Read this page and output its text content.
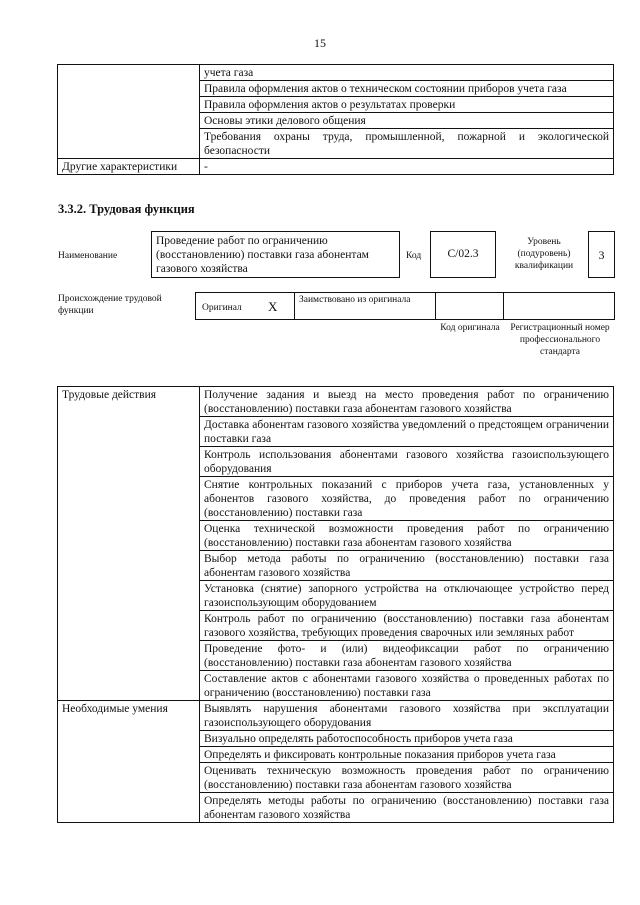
15
	учета газа
	Правила оформления актов о техническом состоянии приборов учета газа
	Правила оформления актов о результатах проверки
	Основы этики делового общения
	Требования охраны труда, промышленной, пожарной и экологической безопасности
Другие характеристики	-
3.3.2. Трудовая функция
Наименование
Проведение работ по ограничению (восстановлению) поставки газа абонентам газового хозяйства
Код	C/02.3
Уровень (подуровень) квалификации
3
Происхождение трудовой функции	Оригинал X Заимствовано из оригинала
Код оригинала Регистрационный номер профессионального стандарта
Трудовые действия	Получение задания и выезд на место проведения работ по ограничению (восстановлению) поставки газа абонентам газового хозяйства
	Доставка абонентам газового хозяйства уведомлений о предстоящем ограничении поставки газа
	Контроль использования абонентами газового хозяйства газоиспользующего оборудования
	Снятие контрольных показаний с приборов учета газа, установленных у абонентов газового хозяйства, до проведения работ по ограничению (восстановлению) поставки газа
	Оценка технической возможности проведения работ по ограничению (восстановлению) поставки газа абонентам газового хозяйства
	Выбор метода работы по ограничению (восстановлению) поставки газа абонентам газового хозяйства
	Установка (снятие) запорного устройства на отключающее устройство перед газоиспользующим оборудованием
	Контроль работ по ограничению (восстановлению) поставки газа абонентам газового хозяйства, требующих проведения сварочных или земляных работ
	Проведение фото- и (или) видеофиксации работ по ограничению (восстановлению) поставки газа абонентам газового хозяйства
	Составление актов с абонентами газового хозяйства о проведенных работах по ограничению (восстановлению) поставки газа
Необходимые умения	Выявлять нарушения абонентами газового хозяйства при эксплуатации газоиспользующего оборудования
	Визуально определять работоспособность приборов учета газа
	Определять и фиксировать контрольные показания приборов учета газа
	Оценивать техническую возможность проведения работ по ограничению (восстановлению) поставки газа абонентам газового хозяйства
	Определять методы работы по ограничению (восстановлению) поставки газа абонентам газового хозяйства
